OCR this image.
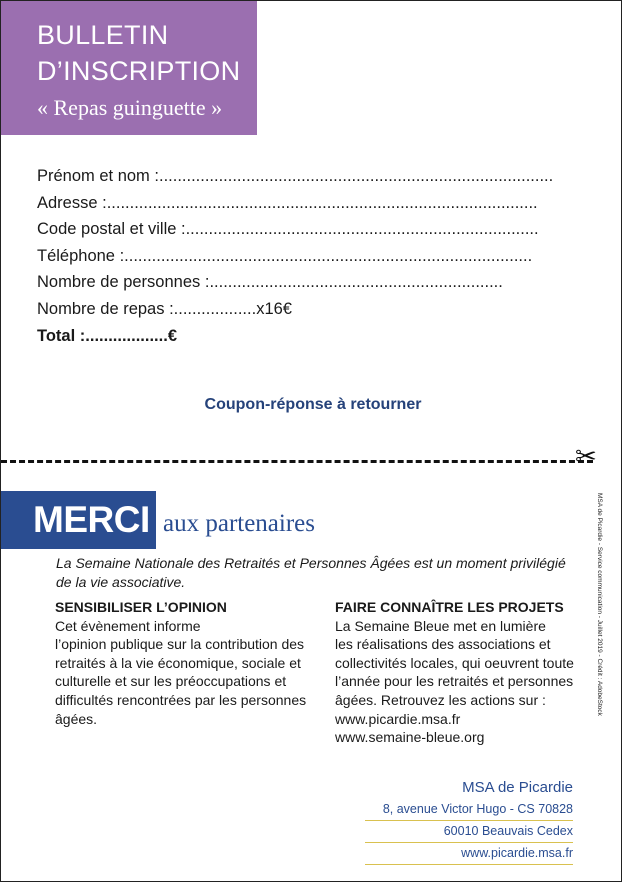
BULLETIN
D’INSCRIPTION
« Repas guinguette »
Prénom et nom : ......................................................................................
Adresse : ..............................................................................................
Code postal et ville : .............................................................................
Téléphone : .........................................................................................
Nombre de personnes : ................................................................
Nombre de repas : .................. x16€
Total : .................. €
Coupon-réponse à retourner
✂
MERCI aux partenaires
La Semaine Nationale des Retraités et Personnes Âgées est un moment privilégié de la vie associative.
SENSIBILISER L’OPINION

Cet évènement informe
l’opinion publique sur la contribution des retraités à la vie économique, sociale et culturelle et sur les préoccupations et difficultés rencontrées par les personnes âgées.

FAIRE CONNAÎTRE LES PROJETS

La Semaine Bleue met en lumière
les réalisations des associations et collectivités locales, qui oeuvrent toute l’année pour les retraités et personnes âgées. Retrouvez les actions sur :
www.picardie.msa.fr
www.semaine-bleue.org

MSA de Picardie - Service communication - Juillet 2019 - Crédit : AdobeStock
MSA de Picardie
8, avenue Victor Hugo - CS 70828
60010 Beauvais Cedex
www.picardie.msa.fr
